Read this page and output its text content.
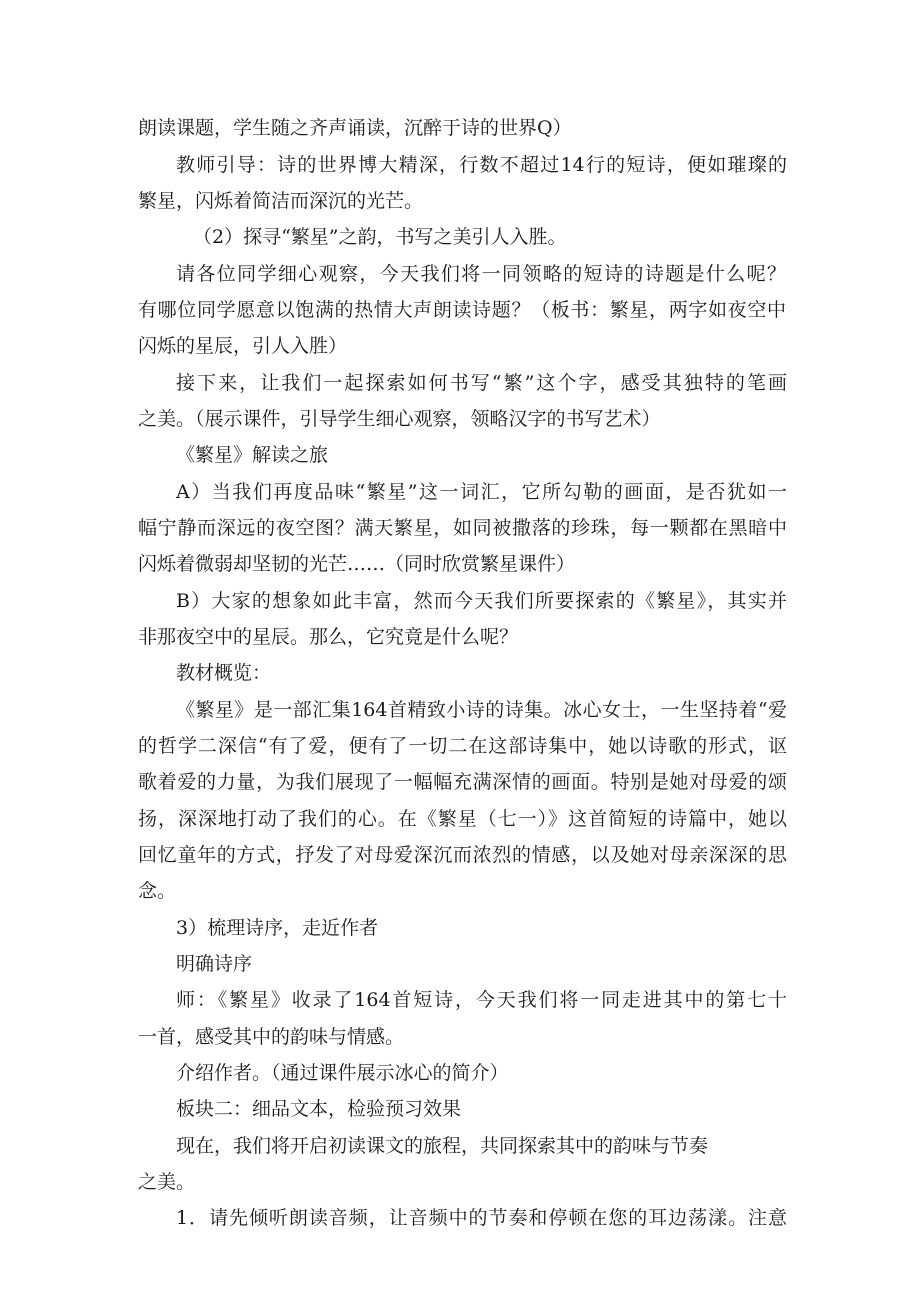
朗读课题，学生随之齐声诵读，沉醉于诗的世界Q）
教师引导：诗的世界博大精深，行数不超过14行的短诗，便如璀璨的
繁星，闪烁着简洁而深沉的光芒。
（2）探寻“繁星”之韵，书写之美引人入胜。
请各位同学细心观察，今天我们将一同领略的短诗的诗题是什么呢？
有哪位同学愿意以饱满的热情大声朗读诗题？（板书：繁星，两字如夜空中
闪烁的星辰，引人入胜）
接下来，让我们一起探索如何书写“繁”这个字，感受其独特的笔画
之美。（展示课件，引导学生细心观察，领略汉字的书写艺术）
《繁星》解读之旅
A）当我们再度品味“繁星”这一词汇，它所勾勒的画面，是否犹如一
幅宁静而深远的夜空图？满天繁星，如同被撒落的珍珠，每一颗都在黑暗中
闪烁着微弱却坚韧的光芒……（同时欣赏繁星课件）
B）大家的想象如此丰富，然而今天我们所要探索的《繁星》，其实并
非那夜空中的星辰。那么，它究竟是什么呢？
教材概览：
《繁星》是一部汇集164首精致小诗的诗集。冰心女士，一生坚持着“爱
的哲学二深信“有了爱，便有了一切二在这部诗集中，她以诗歌的形式，讴
歌着爱的力量，为我们展现了一幅幅充满深情的画面。特别是她对母爱的颂
扬，深深地打动了我们的心。在《繁星（七一）》这首简短的诗篇中，她以
回忆童年的方式，抒发了对母爱深沉而浓烈的情感，以及她对母亲深深的思
念。
3）梳理诗序，走近作者
明确诗序
师：《繁星》收录了164首短诗，今天我们将一同走进其中的第七十
一首，感受其中的韵味与情感。
介绍作者。（通过课件展示冰心的简介）
板块二：细品文本，检验预习效果
现在，我们将开启初读课文的旅程，共同探索其中的韵味与节奏
之美。
1．请先倾听朗读音频，让音频中的节奏和停顿在您的耳边荡漾。注意
